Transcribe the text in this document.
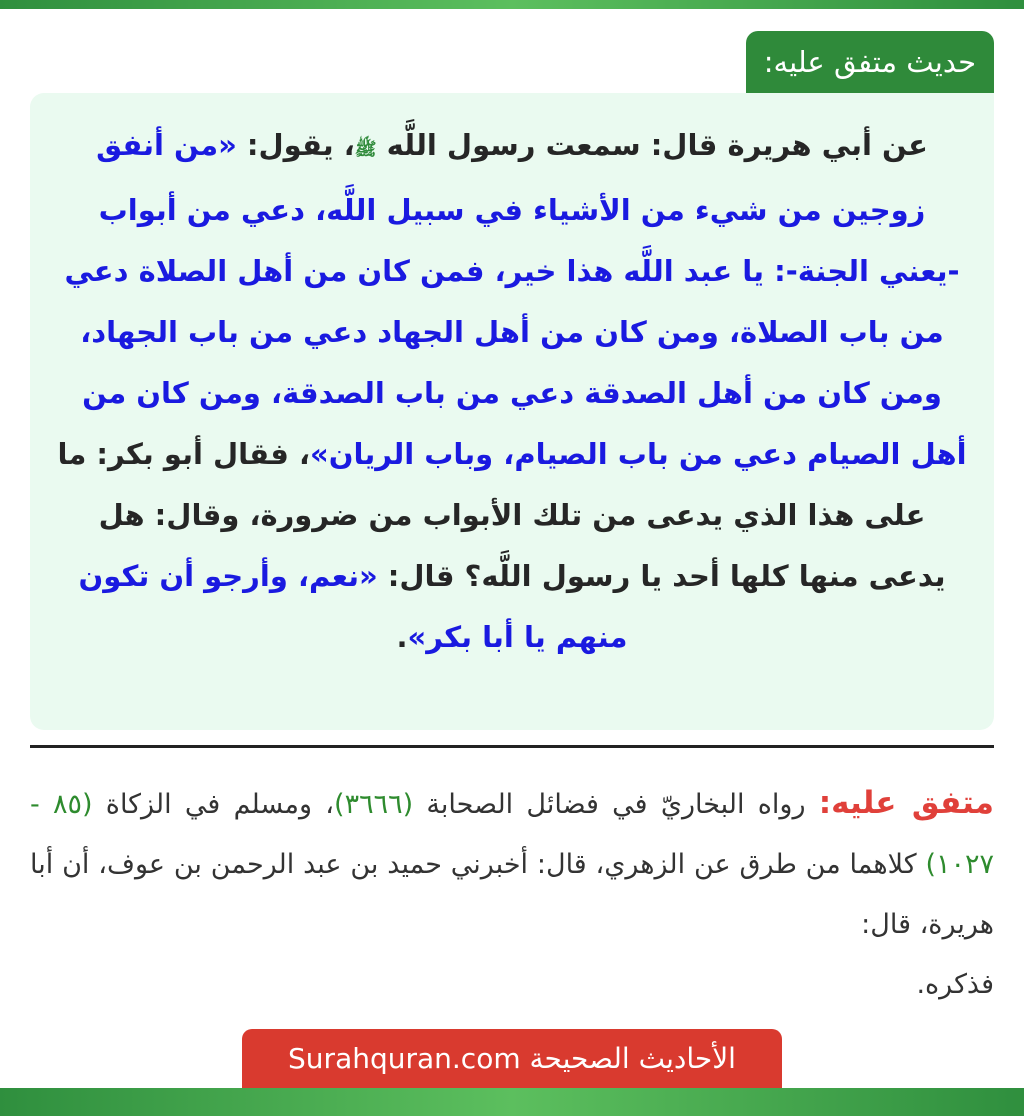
حديث متفق عليه:
عن أبي هريرة قال: سمعت رسول اللَّه ﷺ، يقول: «من أنفق زوجين من شيء من الأشياء في سبيل اللَّه، دعي من أبواب -يعني الجنة-: يا عبد اللَّه هذا خير، فمن كان من أهل الصلاة دعي من باب الصلاة، ومن كان من أهل الجهاد دعي من باب الجهاد، ومن كان من أهل الصدقة دعي من باب الصدقة، ومن كان من أهل الصيام دعي من باب الصيام، وباب الريان»، فقال أبو بكر: ما على هذا الذي يدعى من تلك الأبواب من ضرورة، وقال: هل يدعى منها كلها أحد يا رسول اللَّه؟ قال: «نعم، وأرجو أن تكون منهم يا أبا بكر».
متفق عليه: رواه البخاريّ في فضائل الصحابة (٣٦٦٦)، ومسلم في الزكاة (٨٥ - ١٠٢٧) كلاهما من طرق عن الزهري، قال: أخبرني حميد بن عبد الرحمن بن عوف، أن أبا هريرة، قال:
فذكره.
الأحاديث الصحيحة Surahquran.com
